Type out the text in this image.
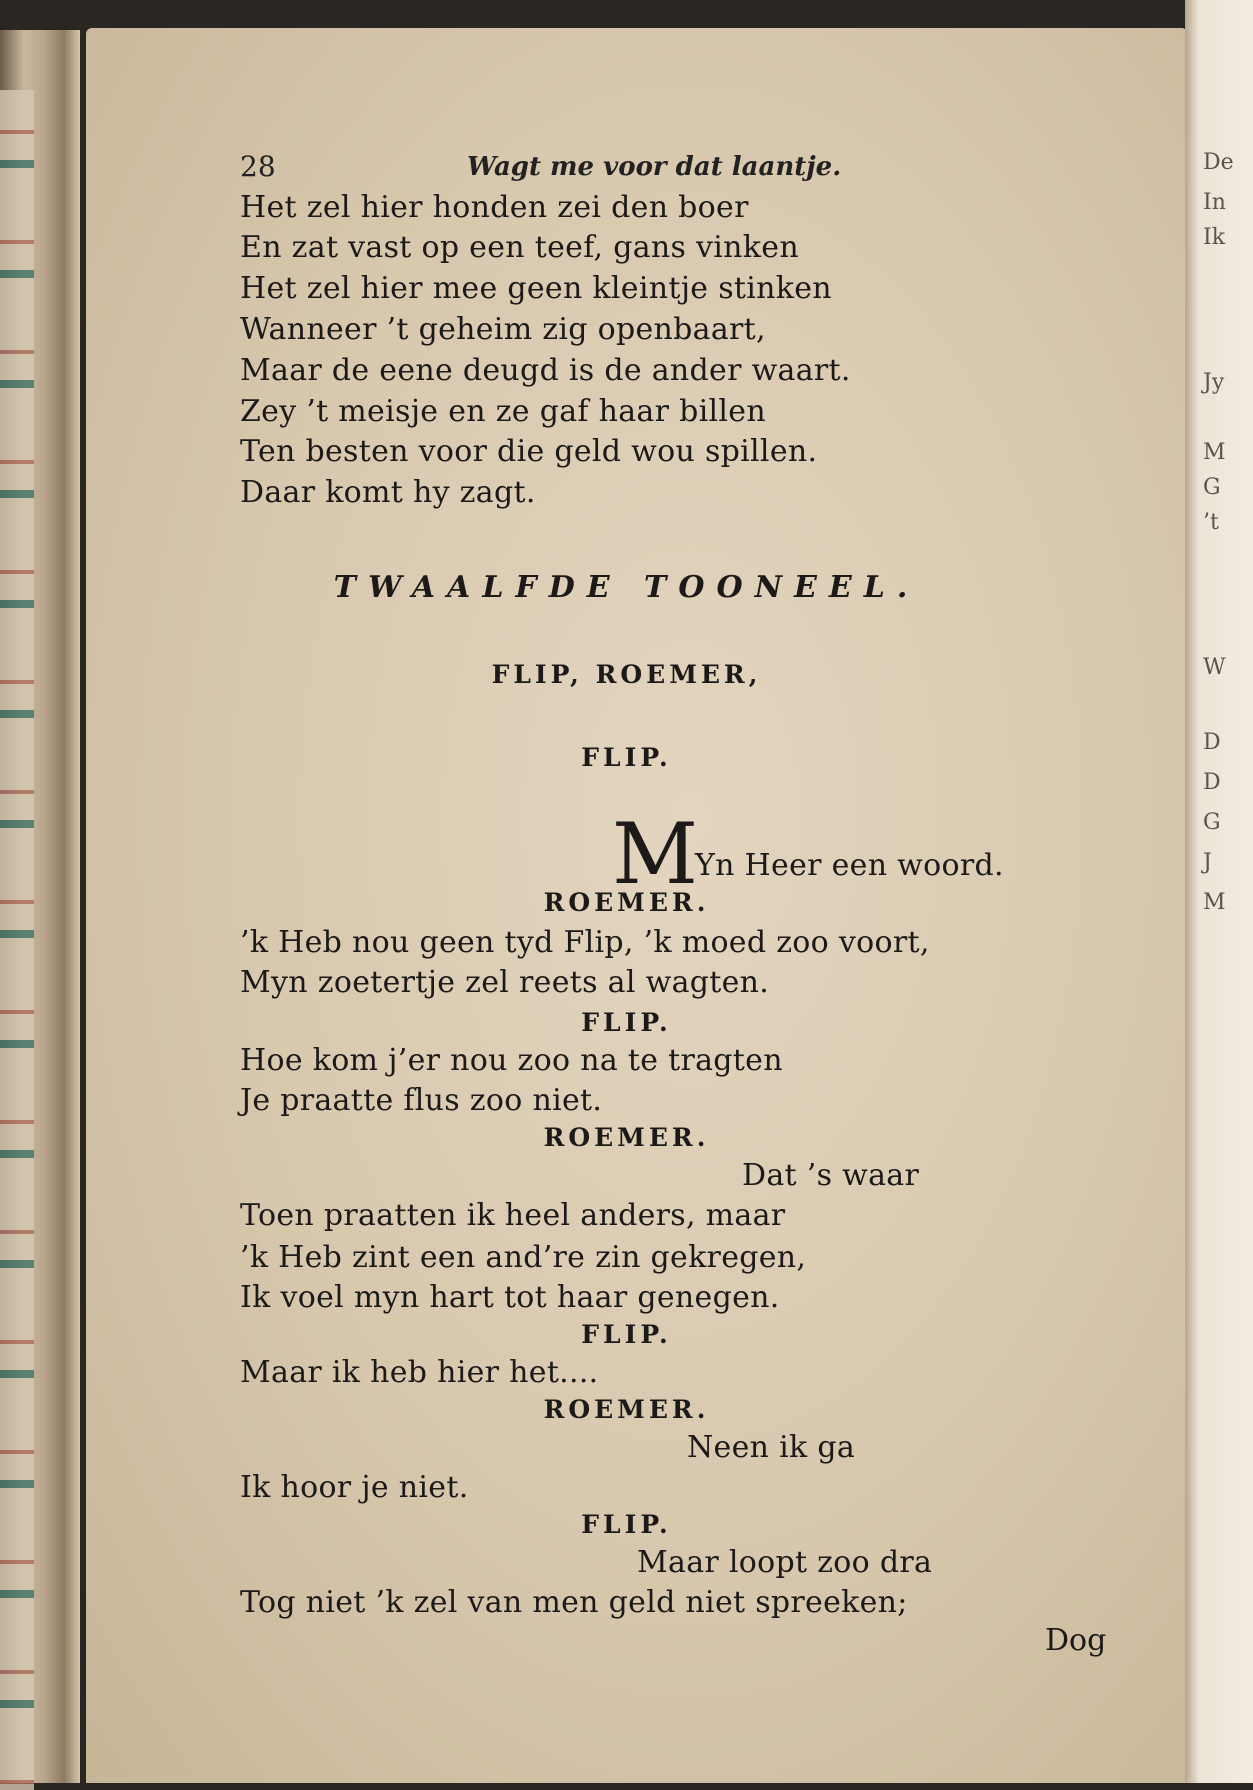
De
In
Ik
Jy
M
G
’t
W
D
D
G
J
M
28	Wagt me voor dat laantje.
Het zel hier honden zei den boer
En zat vast op een teef, gans vinken
Het zel hier mee geen kleintje stinken
Wanneer ’t geheim zig openbaart,
Maar de eene deugd is de ander waart.
Zey ’t meisje en ze gaf haar billen
Ten besten voor die geld wou spillen.
Daar komt hy zagt.
TWAALFDE TOONEEL.
FLIP, ROEMER,
FLIP.
M
Yn Heer een woord.
ROEMER.
’k Heb nou geen tyd Flip, ’k moed zoo voort,
Myn zoetertje zel reets al wagten.
FLIP.
Hoe kom j’er nou zoo na te tragten
Je praatte flus zoo niet.
ROEMER.
Dat ’s waar
Toen praatten ik heel anders, maar
’k Heb zint een and’re zin gekregen,
Ik voel myn hart tot haar genegen.
FLIP.
Maar ik heb hier het....
ROEMER.
Neen ik ga
Ik hoor je niet.
FLIP.
Maar loopt zoo dra
Tog niet ’k zel van men geld niet spreeken;
Dog
